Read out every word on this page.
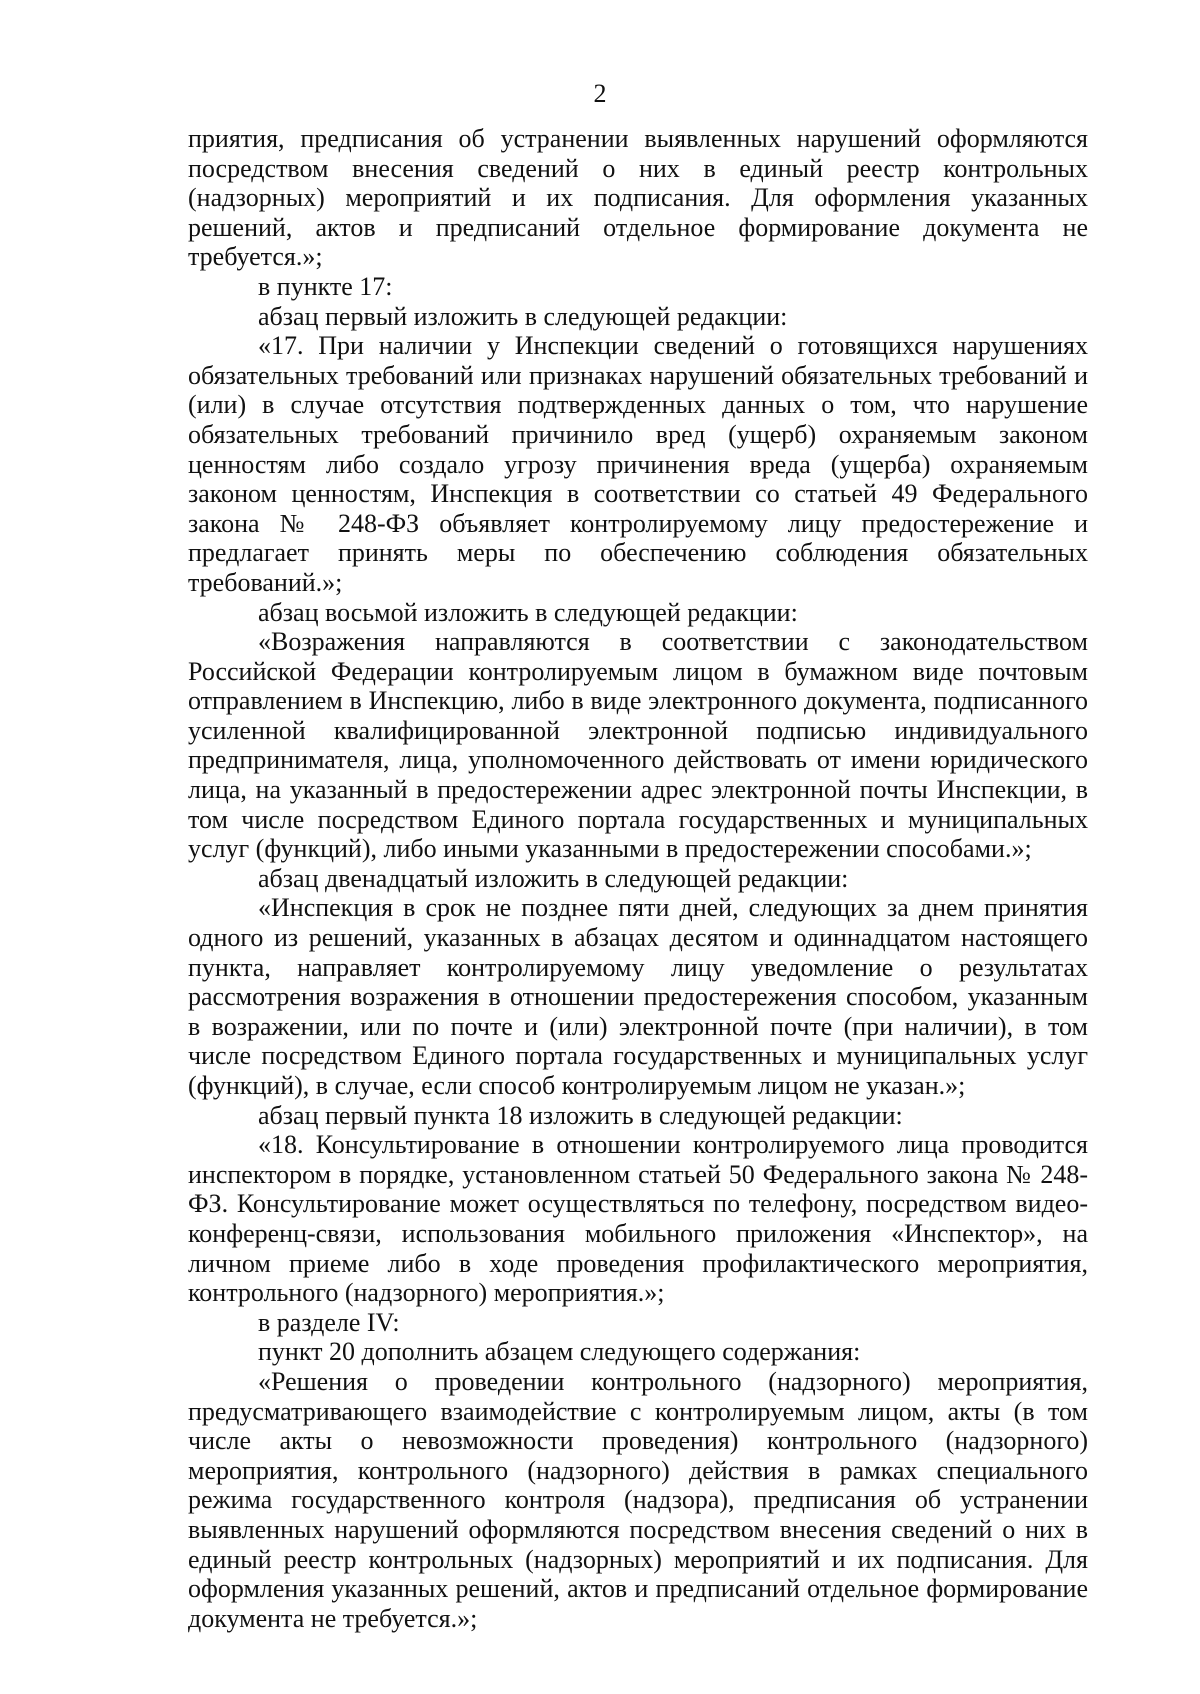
2

приятия, предписания об устранении выявленных нарушений оформляются посредством внесения сведений о них в единый реестр контрольных (надзорных) мероприятий и их подписания. Для оформления указанных решений, актов и предписаний отдельное формирование документа не требуется.»;

в пункте 17:

абзац первый изложить в следующей редакции:

«17. При наличии у Инспекции сведений о готовящихся нарушениях обязательных требований или признаках нарушений обязательных требований и (или) в случае отсутствия подтвержденных данных о том, что нарушение обязательных требований причинило вред (ущерб) охраняемым законом ценностям либо создало угрозу причинения вреда (ущерба) охраняемым законом ценностям, Инспекция в соответствии со статьей 49 Федерального закона № 248-ФЗ объявляет контролируемому лицу предостережение и предлагает принять меры по обеспечению соблюдения обязательных требований.»;

абзац восьмой изложить в следующей редакции:

«Возражения направляются в соответствии с законодательством Российской Федерации контролируемым лицом в бумажном виде почтовым отправлением в Инспекцию, либо в виде электронного документа, подписанного усиленной квалифицированной электронной подписью индивидуального предпринимателя, лица, уполномоченного действовать от имени юридического лица, на указанный в предостережении адрес электронной почты Инспекции, в том числе посредством Единого портала государственных и муниципальных услуг (функций), либо иными указанными в предостережении способами.»;

абзац двенадцатый изложить в следующей редакции:

«Инспекция в срок не позднее пяти дней, следующих за днем принятия одного из решений, указанных в абзацах десятом и одиннадцатом настоящего пункта, направляет контролируемому лицу уведомление о результатах рассмотрения возражения в отношении предостережения способом, указанным в возражении, или по почте и (или) электронной почте (при наличии), в том числе посредством Единого портала государственных и муниципальных услуг (функций), в случае, если способ контролируемым лицом не указан.»;

абзац первый пункта 18 изложить в следующей редакции:

«18. Консультирование в отношении контролируемого лица проводится инспектором в порядке, установленном статьей 50 Федерального закона № 248-ФЗ. Консультирование может осуществляться по телефону, посредством видео-конференц-связи, использования мобильного приложения «Инспектор», на личном приеме либо в ходе проведения профилактического мероприятия, контрольного (надзорного) мероприятия.»;

в разделе IV:

пункт 20 дополнить абзацем следующего содержания:

«Решения о проведении контрольного (надзорного) мероприятия, предусматривающего взаимодействие с контролируемым лицом, акты (в том числе акты о невозможности проведения) контрольного (надзорного) мероприятия, контрольного (надзорного) действия в рамках специального режима государственного контроля (надзора), предписания об устранении выявленных нарушений оформляются посредством внесения сведений о них в единый реестр контрольных (надзорных) мероприятий и их подписания. Для оформления указанных решений, актов и предписаний отдельное формирование документа не требуется.»;
